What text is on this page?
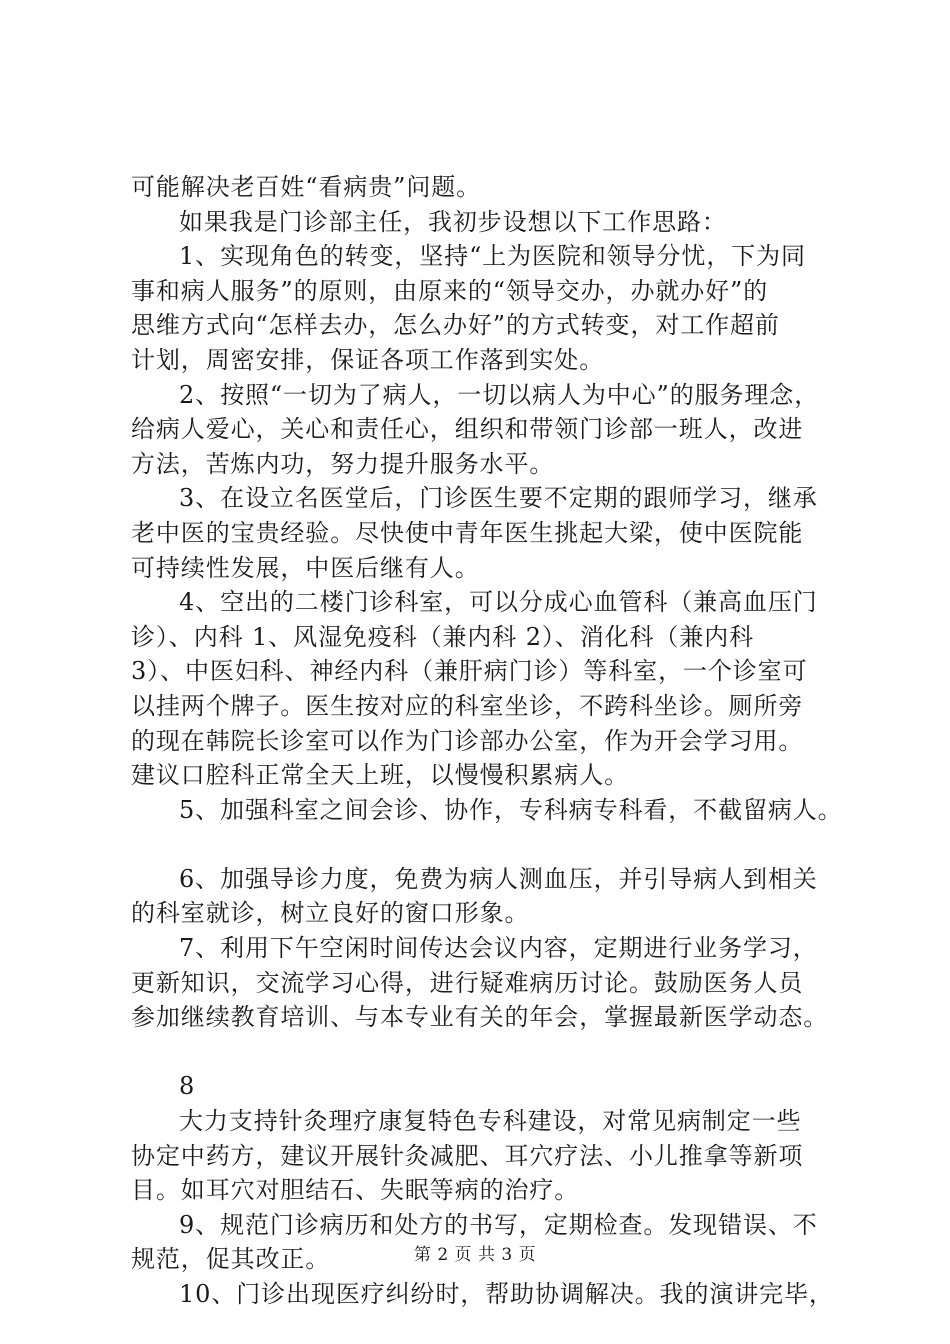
可能解决老百姓“看病贵”问题。
如果我是门诊部主任，我初步设想以下工作思路：
1、实现角色的转变，坚持“上为医院和领导分忧，下为同
事和病人服务”的原则，由原来的“领导交办，办就办好”的
思维方式向“怎样去办，怎么办好”的方式转变，对工作超前
计划，周密安排，保证各项工作落到实处。
2、按照“一切为了病人，一切以病人为中心”的服务理念，
给病人爱心，关心和责任心，组织和带领门诊部一班人，改进
方法，苦炼内功，努力提升服务水平。
3、在设立名医堂后，门诊医生要不定期的跟师学习，继承
老中医的宝贵经验。尽快使中青年医生挑起大梁，使中医院能
可持续性发展，中医后继有人。
4、空出的二楼门诊科室，可以分成心血管科（兼高血压门
诊）、内科 1、风湿免疫科（兼内科 2）、消化科（兼内科
3）、中医妇科、神经内科（兼肝病门诊）等科室，一个诊室可
以挂两个牌子。医生按对应的科室坐诊，不跨科坐诊。厕所旁
的现在韩院长诊室可以作为门诊部办公室，作为开会学习用。
建议口腔科正常全天上班，以慢慢积累病人。
5、加强科室之间会诊、协作，专科病专科看，不截留病人。
6、加强导诊力度，免费为病人测血压，并引导病人到相关
的科室就诊，树立良好的窗口形象。
7、利用下午空闲时间传达会议内容，定期进行业务学习，
更新知识，交流学习心得，进行疑难病历讨论。鼓励医务人员
参加继续教育培训、与本专业有关的年会，掌握最新医学动态。
8
大力支持针灸理疗康复特色专科建设，对常见病制定一些
协定中药方，建议开展针灸减肥、耳穴疗法、小儿推拿等新项
目。如耳穴对胆结石、失眠等病的治疗。
9、规范门诊病历和处方的书写，定期检查。发现错误、不
规范，促其改正。
10、门诊出现医疗纠纷时，帮助协调解决。我的演讲完毕，
第 2 页 共 3 页
